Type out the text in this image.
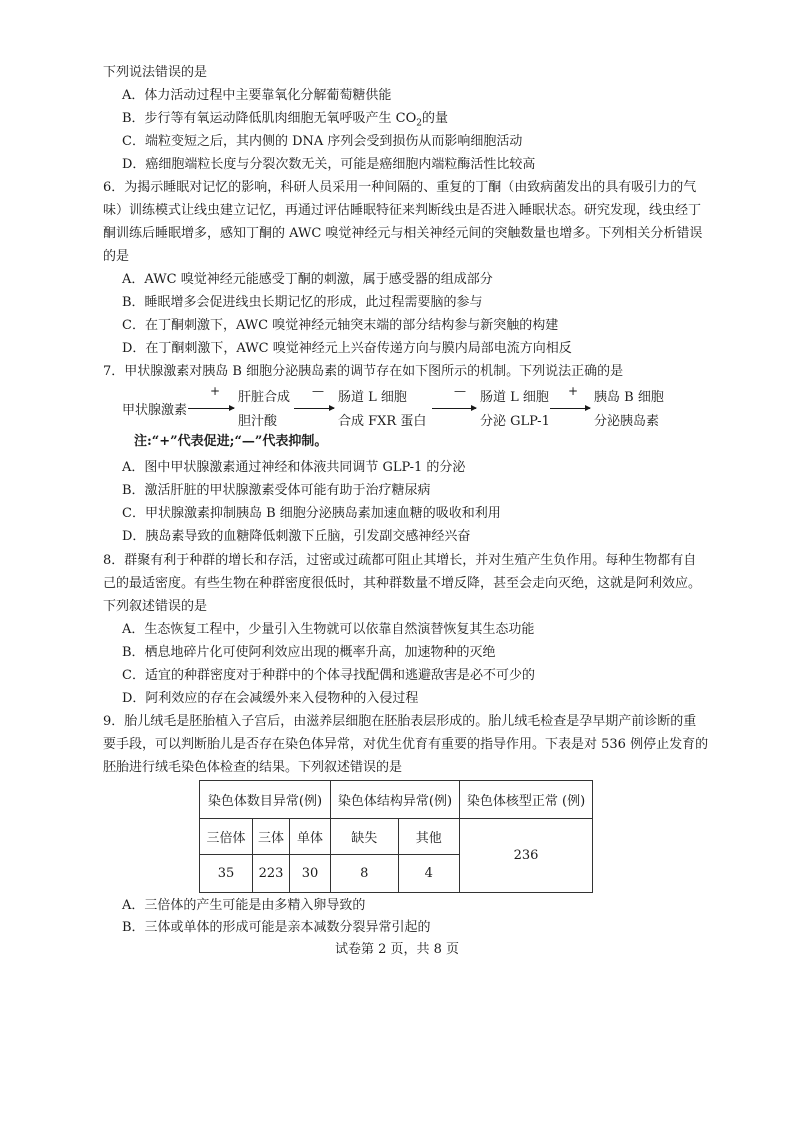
下列说法错误的是
A．体力活动过程中主要靠氧化分解葡萄糖供能
B．步行等有氧运动降低肌肉细胞无氧呼吸产生 $CO_2$的量
C．端粒变短之后，其内侧的 DNA 序列会受到损伤从而影响细胞活动
D．癌细胞端粒长度与分裂次数无关，可能是癌细胞内端粒酶活性比较高
6．为揭示睡眠对记忆的影响，科研人员采用一种间隔的、重复的丁酮（由致病菌发出的具有吸引力的气
味）训练模式让线虫建立记忆，再通过评估睡眠特征来判断线虫是否进入睡眠状态。研究发现，线虫经丁
酮训练后睡眠增多，感知丁酮的 AWC 嗅觉神经元与相关神经元间的突触数量也增多。下列相关分析错误
的是
A．AWC 嗅觉神经元能感受丁酮的刺激，属于感受器的组成部分
B．睡眠增多会促进线虫长期记忆的形成，此过程需要脑的参与
C．在丁酮刺激下，AWC 嗅觉神经元轴突末端的部分结构参与新突触的构建
D．在丁酮刺激下，AWC 嗅觉神经元上兴奋传递方向与膜内局部电流方向相反
7．甲状腺激素对胰岛 B 细胞分泌胰岛素的调节存在如下图所示的机制。下列说法正确的是
甲状腺激素
+ 肝脏合成
胆汁酸
— 肠道 L 细胞
合成 FXR 蛋白
— 肠道 L 细胞
分泌 GLP-1
+ 胰岛 B 细胞
分泌胰岛素
注:“+”代表促进;“—”代表抑制。
A．图中甲状腺激素通过神经和体液共同调节 GLP-1 的分泌
B．激活肝脏的甲状腺激素受体可能有助于治疗糖尿病
C．甲状腺激素抑制胰岛 B 细胞分泌胰岛素加速血糖的吸收和利用
D．胰岛素导致的血糖降低刺激下丘脑，引发副交感神经兴奋
8．群聚有利于种群的增长和存活，过密或过疏都可阻止其增长，并对生殖产生负作用。每种生物都有自
己的最适密度。有些生物在种群密度很低时，其种群数量不增反降，甚至会走向灭绝，这就是阿利效应。
下列叙述错误的是
A．生态恢复工程中，少量引入生物就可以依靠自然演替恢复其生态功能
B．栖息地碎片化可使阿利效应出现的概率升高，加速物种的灭绝
C．适宜的种群密度对于种群中的个体寻找配偶和逃避敌害是必不可少的
D．阿利效应的存在会减缓外来入侵物种的入侵过程
9．胎儿绒毛是胚胎植入子宫后，由滋养层细胞在胚胎表层形成的。胎儿绒毛检查是孕早期产前诊断的重
要手段，可以判断胎儿是否存在染色体异常，对优生优育有重要的指导作用。下表是对 536 例停止发育的
胚胎进行绒毛染色体检查的结果。下列叙述错误的是
染色体数目异常(例)			染色体结构异常(例)		染色体核型正常 (例)
三倍体	三体	单体	缺失	其他	236
35	223	30	8	4	
A．三倍体的产生可能是由多精入卵导致的
B．三体或单体的形成可能是亲本减数分裂异常引起的
试卷第 2 页，共 8 页
